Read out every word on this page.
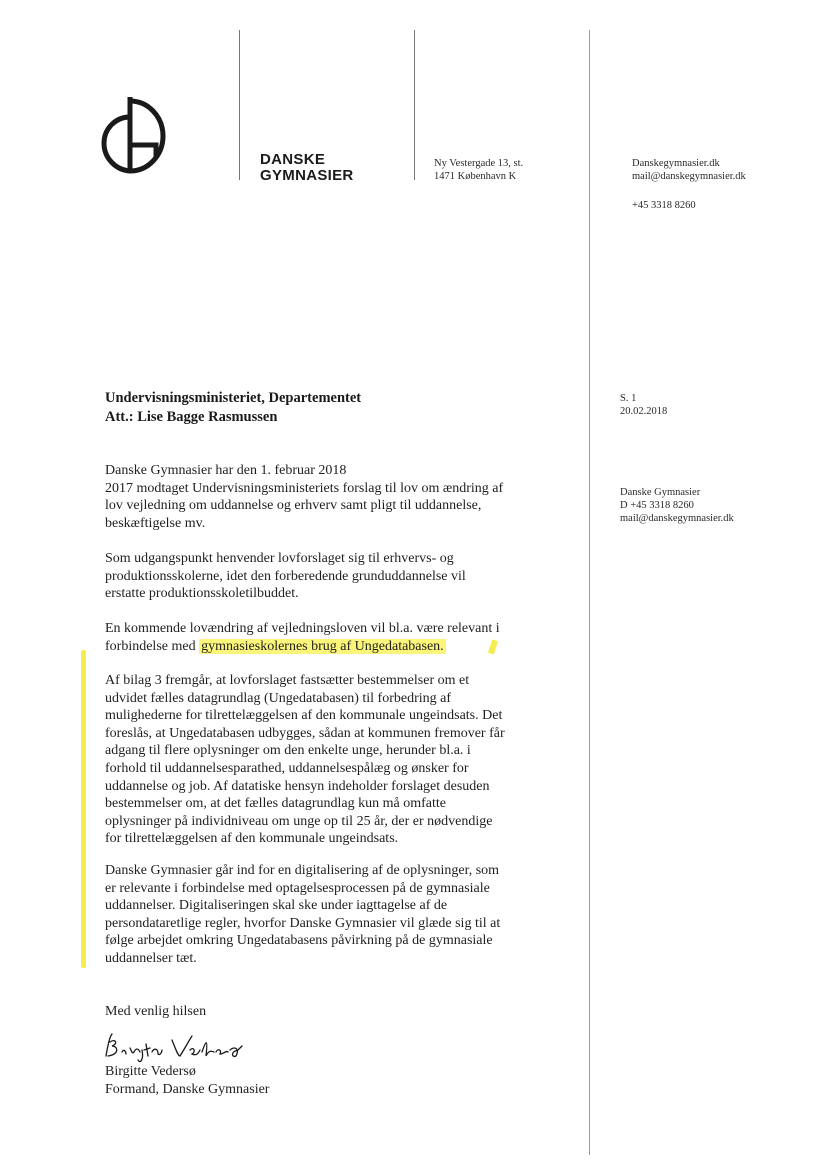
DANSKE
GYMNASIER
Ny Vestergade 13, st.
1471 København K
Danskegymnasier.dk
mail@danskegymnasier.dk
+45 3318 8260
S. 1
20.02.2018
Danske Gymnasier
D +45 3318 8260
mail@danskegymnasier.dk
Undervisningsministeriet, Departementet
Att.: Lise Bagge Rasmussen
Danske Gymnasier har den 1. februar 2018
2017 modtaget Undervisningsministeriets forslag til lov om ændring af
lov vejledning om uddannelse og erhverv samt pligt til uddannelse,
beskæftigelse mv.
Som udgangspunkt henvender lovforslaget sig til erhvervs- og
produktionsskolerne, idet den forberedende grunduddannelse vil
erstatte produktionsskoletilbuddet.
En kommende lovændring af vejledningsloven vil bl.a. være relevant i
forbindelse med gymnasieskolernes brug af Ungedatabasen.
Af bilag 3 fremgår, at lovforslaget fastsætter bestemmelser om et
udvidet fælles datagrundlag (Ungedatabasen) til forbedring af
mulighederne for tilrettelæggelsen af den kommunale ungeindsats. Det
foreslås, at Ungedatabasen udbygges, sådan at kommunen fremover får
adgang til flere oplysninger om den enkelte unge, herunder bl.a. i
forhold til uddannelsesparathed, uddannelsespålæg og ønsker for
uddannelse og job. Af datatiske hensyn indeholder forslaget desuden
bestemmelser om, at det fælles datagrundlag kun må omfatte
oplysninger på individniveau om unge op til 25 år, der er nødvendige
for tilrettelæggelsen af den kommunale ungeindsats.
Danske Gymnasier går ind for en digitalisering af de oplysninger, som
er relevante i forbindelse med optagelsesprocessen på de gymnasiale
uddannelser. Digitaliseringen skal ske under iagttagelse af de
persondataretlige regler, hvorfor Danske Gymnasier vil glæde sig til at
følge arbejdet omkring Ungedatabasens påvirkning på de gymnasiale
uddannelser tæt.
Med venlig hilsen
Birgitte Vedersø
Formand, Danske Gymnasier
